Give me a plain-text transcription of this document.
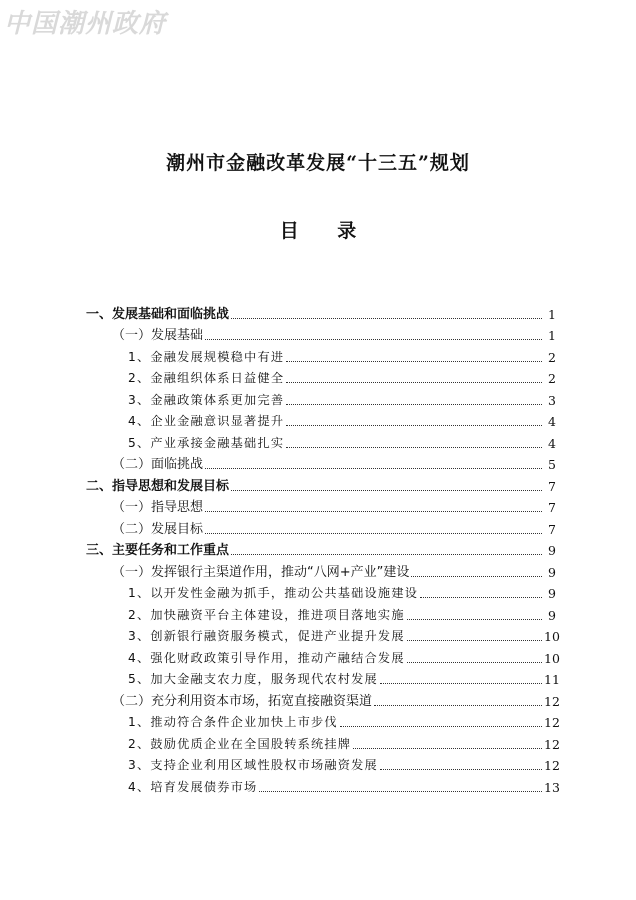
中国潮州政府
潮州市金融改革发展“十三五”规划
目 录
一、发展基础和面临挑战	1
（一）发展基础	1
1、金融发展规模稳中有进	2
2、金融组织体系日益健全	2
3、金融政策体系更加完善	3
4、企业金融意识显著提升	4
5、产业承接金融基础扎实	4
（二）面临挑战	5
二、指导思想和发展目标	7
（一）指导思想	7
（二）发展目标	7
三、主要任务和工作重点	9
（一）发挥银行主渠道作用，推动“八网+产业”建设	9
1、以开发性金融为抓手，推动公共基础设施建设	9
2、加快融资平台主体建设，推进项目落地实施	9
3、创新银行融资服务模式，促进产业提升发展	10
4、强化财政政策引导作用，推动产融结合发展	10
5、加大金融支农力度，服务现代农村发展	11
（二）充分利用资本市场，拓宽直接融资渠道	12
1、推动符合条件企业加快上市步伐	12
2、鼓励优质企业在全国股转系统挂牌	12
3、支持企业利用区域性股权市场融资发展	12
4、培育发展债券市场	13
